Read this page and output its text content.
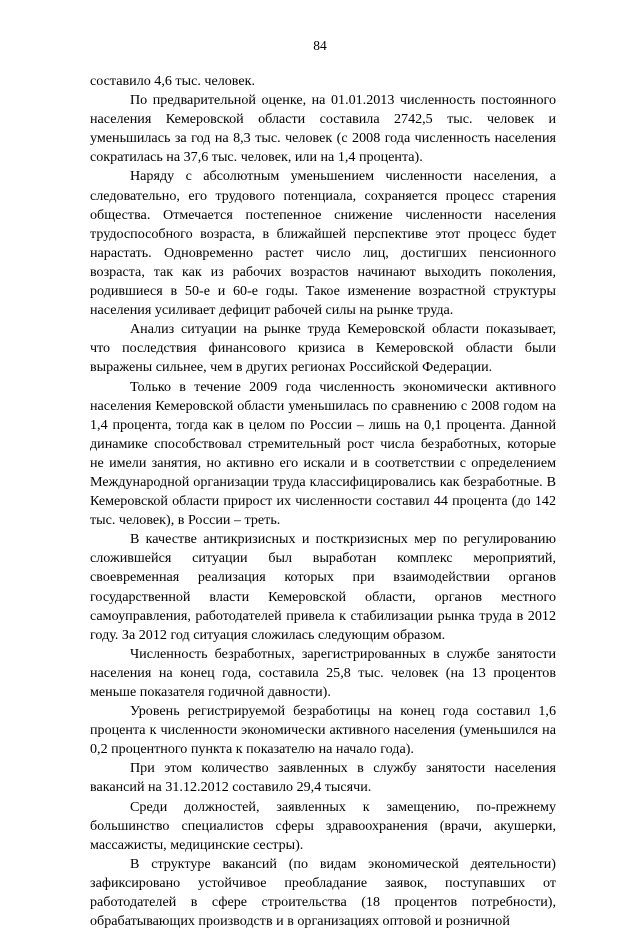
84

составило 4,6 тыс. человек.

По предварительной оценке, на 01.01.2013 численность постоянного населения Кемеровской области составила 2742,5 тыс. человек и уменьшилась за год на 8,3 тыс. человек (с 2008 года численность населения сократилась на 37,6 тыс. человек, или на 1,4 процента).

Наряду с абсолютным уменьшением численности населения, а следовательно, его трудового потенциала, сохраняется процесс старения общества. Отмечается постепенное снижение численности населения трудоспособного возраста, в ближайшей перспективе этот процесс будет нарастать. Одновременно растет число лиц, достигших пенсионного возраста, так как из рабочих возрастов начинают выходить поколения, родившиеся в 50-е и 60-е годы. Такое изменение возрастной структуры населения усиливает дефицит рабочей силы на рынке труда.

Анализ ситуации на рынке труда Кемеровской области показывает, что последствия финансового кризиса в Кемеровской области были выражены сильнее, чем в других регионах Российской Федерации.

Только в течение 2009 года численность экономически активного населения Кемеровской области уменьшилась по сравнению с 2008 годом на 1,4 процента, тогда как в целом по России – лишь на 0,1 процента. Данной динамике способствовал стремительный рост числа безработных, которые не имели занятия, но активно его искали и в соответствии с определением Международной организации труда классифицировались как безработные. В Кемеровской области прирост их численности составил 44 процента (до 142 тыс. человек), в России – треть.

В качестве антикризисных и посткризисных мер по регулированию сложившейся ситуации был выработан комплекс мероприятий, своевременная реализация которых при взаимодействии органов государственной власти Кемеровской области, органов местного самоуправления, работодателей привела к стабилизации рынка труда в 2012 году. За 2012 год ситуация сложилась следующим образом.

Численность безработных, зарегистрированных в службе занятости населения на конец года, составила 25,8 тыс. человек (на 13 процентов меньше показателя годичной давности).

Уровень регистрируемой безработицы на конец года составил 1,6 процента к численности экономически активного населения (уменьшился на 0,2 процентного пункта к показателю на начало года).

При этом количество заявленных в службу занятости населения вакансий на 31.12.2012 составило 29,4 тысячи.

Среди должностей, заявленных к замещению, по-прежнему большинство специалистов сферы здравоохранения (врачи, акушерки, массажисты, медицинские сестры).

В структуре вакансий (по видам экономической деятельности) зафиксировано устойчивое преобладание заявок, поступавших от работодателей в сфере строительства (18 процентов потребности), обрабатывающих производств и в организациях оптовой и розничной
